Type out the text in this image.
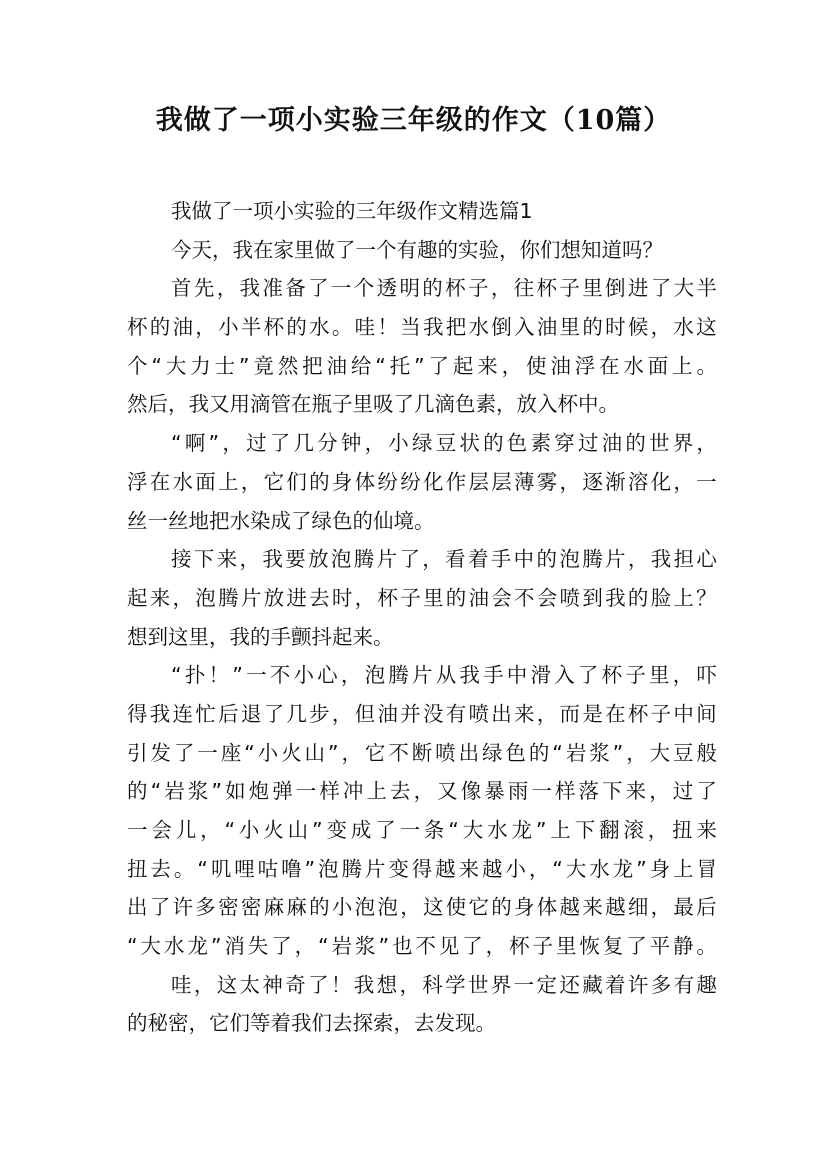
我做了一项小实验三年级的作文（10篇）
我做了一项小实验的三年级作文精选篇1
今天，我在家里做了一个有趣的实验，你们想知道吗？
首 先 ， 我 准 备 了 一 个 透 明 的 杯 子 ， 往 杯 子 里 倒 进 了 大 半
杯 的 油 ， 小 半 杯 的 水 。 哇 ！ 当 我 把 水 倒 入 油 里 的 时 候 ， 水 这
个 “ 大 力 士 ” 竟 然 把 油 给 “ 托 ” 了 起 来 ， 使 油 浮 在 水 面 上 。
然后，我又用滴管在瓶子里吸了几滴色素，放入杯中。
“ 啊 ” ， 过 了 几 分 钟 ， 小 绿 豆 状 的 色 素 穿 过 油 的 世 界 ，
浮 在 水 面 上 ， 它 们 的 身 体 纷 纷 化 作 层 层 薄 雾 ， 逐 渐 溶 化 ， 一
丝一丝地把水染成了绿色的仙境。
接 下 来 ， 我 要 放 泡 腾 片 了 ， 看 着 手 中 的 泡 腾 片 ， 我 担 心
起 来 ， 泡 腾 片 放 进 去 时 ， 杯 子 里 的 油 会 不 会 喷 到 我 的 脸 上 ？
想到这里，我的手颤抖起来。
“ 扑 ！ ” 一 不 小 心 ， 泡 腾 片 从 我 手 中 滑 入 了 杯 子 里 ， 吓
得 我 连 忙 后 退 了 几 步 ， 但 油 并 没 有 喷 出 来 ， 而 是 在 杯 子 中 间
引 发 了 一 座 “ 小 火 山 ” ， 它 不 断 喷 出 绿 色 的 “ 岩 浆 ” ， 大 豆 般
的 “ 岩 浆 ” 如 炮 弹 一 样 冲 上 去 ， 又 像 暴 雨 一 样 落 下 来 ， 过 了
一 会 儿 ， “ 小 火 山 ” 变 成 了 一 条 “ 大 水 龙 ” 上 下 翻 滚 ， 扭 来
扭 去 。 “ 叽 哩 咕 噜 ” 泡 腾 片 变 得 越 来 越 小 ， “ 大 水 龙 ” 身 上 冒
出 了 许 多 密 密 麻 麻 的 小 泡 泡 ， 这 使 它 的 身 体 越 来 越 细 ， 最 后
“ 大 水 龙 ” 消 失 了 ， “ 岩 浆 ” 也 不 见 了 ， 杯 子 里 恢 复 了 平 静 。
哇 ， 这 太 神 奇 了 ！ 我 想 ， 科 学 世 界 一 定 还 藏 着 许 多 有 趣
的秘密，它们等着我们去探索，去发现。
